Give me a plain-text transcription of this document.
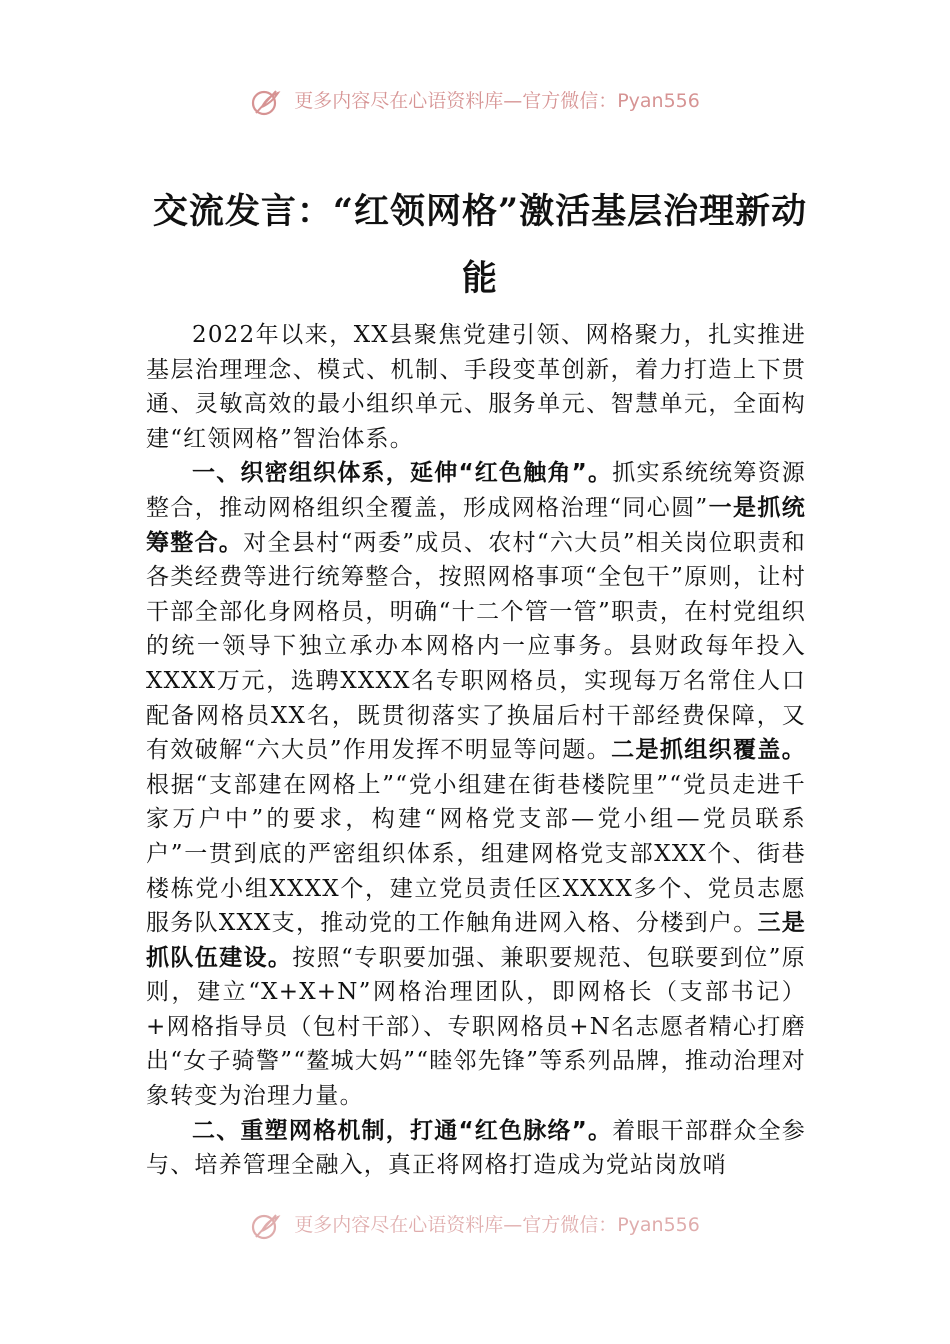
更多内容尽在心语资料库—官方微信：Pyan556
交流发言：“红领网格”激活基层治理新动能

2022年以来，XX县聚焦党建引领、网格聚力，扎实推进基层治理理念、模式、机制、手段变革创新，着力打造上下贯通、灵敏高效的最小组织单元、服务单元、智慧单元，全面构建“红领网格”智治体系。

一、织密组织体系，延伸“红色触角”。抓实系统统筹资源整合，推动网格组织全覆盖，形成网格治理“同心圆”一是抓统筹整合。对全县村“两委”成员、农村“六大员”相关岗位职责和各类经费等进行统筹整合，按照网格事项“全包干”原则，让村干部全部化身网格员，明确“十二个管一管”职责，在村党组织的统一领导下独立承办本网格内一应事务。县财政每年投入XXXX万元，选聘XXXX名专职网格员，实现每万名常住人口配备网格员XX名，既贯彻落实了换届后村干部经费保障，又有效破解“六大员”作用发挥不明显等问题。二是抓组织覆盖。根据“支部建在网格上”“党小组建在街巷楼院里”“党员走进千家万户中”的要求，构建“网格党支部—党小组—党员联系户”一贯到底的严密组织体系，组建网格党支部XXX个、街巷楼栋党小组XXXX个，建立党员责任区XXXX多个、党员志愿服务队XXX支，推动党的工作触角进网入格、分楼到户。三是抓队伍建设。按照“专职要加强、兼职要规范、包联要到位”原则，建立“X+X+N”网格治理团队，即网格长（支部书记）+网格指导员（包村干部）、专职网格员+N名志愿者精心打磨出“女子骑警”“鳌城大妈”“睦邻先锋”等系列品牌，推动治理对象转变为治理力量。

二、重塑网格机制，打通“红色脉络”。着眼干部群众全参与、培养管理全融入，真正将网格打造成为党站岗放哨

更多内容尽在心语资料库—官方微信：Pyan556
